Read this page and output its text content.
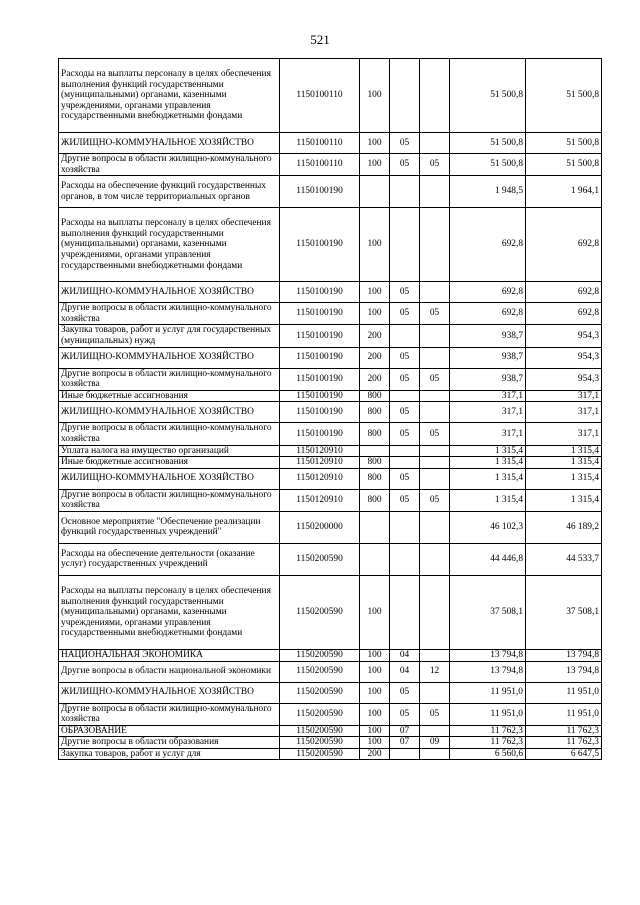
521
Расходы на выплаты персоналу в целях обеспечения выполнения функций государственными (муниципальными) органами, казенными учреждениями, органами управления государственными внебюджетными фондами	1150100110	100			51 500,8	51 500,8
ЖИЛИЩНО-КОММУНАЛЬНОЕ ХОЗЯЙСТВО	1150100110	100	05		51 500,8	51 500,8
Другие вопросы в области жилищно-коммунального хозяйства	1150100110	100	05	05	51 500,8	51 500,8
Расходы на обеспечение функций государственных органов, в том числе территориальных органов	1150100190				1 948,5	1 964,1
Расходы на выплаты персоналу в целях обеспечения выполнения функций государственными (муниципальными) органами, казенными учреждениями, органами управления государственными внебюджетными фондами	1150100190	100			692,8	692,8
ЖИЛИЩНО-КОММУНАЛЬНОЕ ХОЗЯЙСТВО	1150100190	100	05		692,8	692,8
Другие вопросы в области жилищно-коммунального хозяйства	1150100190	100	05	05	692,8	692,8
Закупка товаров, работ и услуг для государственных (муниципальных) нужд	1150100190	200			938,7	954,3
ЖИЛИЩНО-КОММУНАЛЬНОЕ ХОЗЯЙСТВО	1150100190	200	05		938,7	954,3
Другие вопросы в области жилищно-коммунального хозяйства	1150100190	200	05	05	938,7	954,3
Иные бюджетные ассигнования	1150100190	800			317,1	317,1
ЖИЛИЩНО-КОММУНАЛЬНОЕ ХОЗЯЙСТВО	1150100190	800	05		317,1	317,1
Другие вопросы в области жилищно-коммунального хозяйства	1150100190	800	05	05	317,1	317,1
Уплата налога на имущество организаций	1150120910				1 315,4	1 315,4
Иные бюджетные ассигнования	1150120910	800			1 315,4	1 315,4
ЖИЛИЩНО-КОММУНАЛЬНОЕ ХОЗЯЙСТВО	1150120910	800	05		1 315,4	1 315,4
Другие вопросы в области жилищно-коммунального хозяйства	1150120910	800	05	05	1 315,4	1 315,4
Основное мероприятие "Обеспечение реализации функций государственных учреждений"	1150200000				46 102,3	46 189,2
Расходы на обеспечение деятельности (оказание услуг) государственных учреждений	1150200590				44 446,8	44 533,7
Расходы на выплаты персоналу в целях обеспечения выполнения функций государственными (муниципальными) органами, казенными учреждениями, органами управления государственными внебюджетными фондами	1150200590	100			37 508,1	37 508,1
НАЦИОНАЛЬНАЯ ЭКОНОМИКА	1150200590	100	04		13 794,8	13 794,8
Другие вопросы в области национальной экономики	1150200590	100	04	12	13 794,8	13 794,8
ЖИЛИЩНО-КОММУНАЛЬНОЕ ХОЗЯЙСТВО	1150200590	100	05		11 951,0	11 951,0
Другие вопросы в области жилищно-коммунального хозяйства	1150200590	100	05	05	11 951,0	11 951,0
ОБРАЗОВАНИЕ	1150200590	100	07		11 762,3	11 762,3
Другие вопросы в области образования	1150200590	100	07	09	11 762,3	11 762,3
Закупка товаров, работ и услуг для	1150200590	200			6 560,6	6 647,5
